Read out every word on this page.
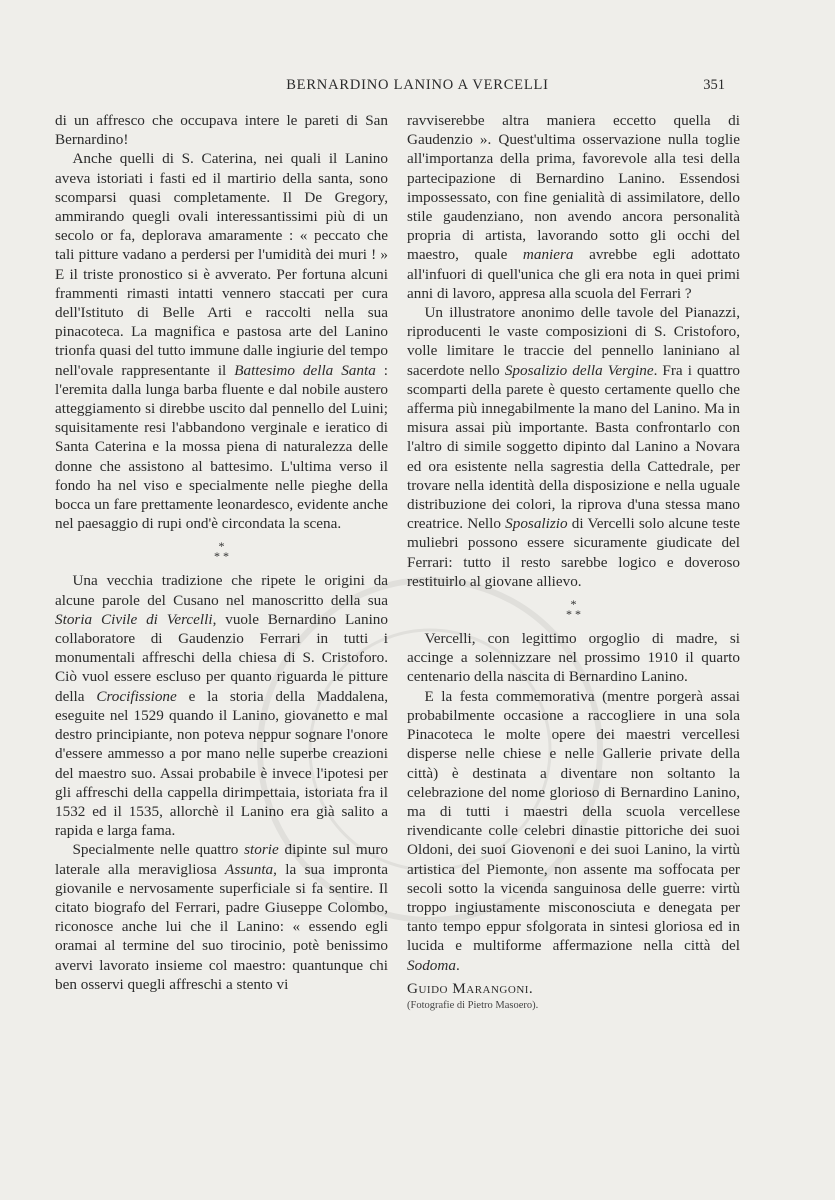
BERNARDINO LANINO A VERCELLI	351

di un affresco che occupava intere le pareti di San Bernardino!

Anche quelli di S. Caterina, nei quali il Lanino aveva istoriati i fasti ed il martirio della santa, sono scomparsi quasi completamente. Il De Gregory, ammirando quegli ovali interessantissimi più di un secolo or fa, deplorava amaramente : « peccato che tali pitture vadano a perdersi per l'umidità dei muri ! » E il triste pronostico si è avverato. Per fortuna alcuni frammenti rimasti intatti vennero staccati per cura dell'Istituto di Belle Arti e raccolti nella sua pinacoteca. La magnifica e pastosa arte del Lanino trionfa quasi del tutto immune dalle ingiurie del tempo nell'ovale rappresentante il Battesimo della Santa : l'eremita dalla lunga barba fluente e dal nobile austero atteggiamento si direbbe uscito dal pennello del Luini; squisitamente resi l'abbandono verginale e ieratico di Santa Caterina e la mossa piena di naturalezza delle donne che assistono al battesimo. L'ultima verso il fondo ha nel viso e specialmente nelle pieghe della bocca un fare prettamente leonardesco, evidente anche nel paesaggio di rupi ond'è circondata la scena.

*
* *

Una vecchia tradizione che ripete le origini da alcune parole del Cusano nel manoscritto della sua Storia Civile di Vercelli, vuole Bernardino Lanino collaboratore di Gaudenzio Ferrari in tutti i monumentali affreschi della chiesa di S. Cristoforo. Ciò vuol essere escluso per quanto riguarda le pitture della Crocifissione e la storia della Maddalena, eseguite nel 1529 quando il Lanino, giovanetto e mal destro principiante, non poteva neppur sognare l'onore d'essere ammesso a por mano nelle superbe creazioni del maestro suo. Assai probabile è invece l'ipotesi per gli affreschi della cappella dirimpettaia, istoriata fra il 1532 ed il 1535, allorchè il Lanino era già salito a rapida e larga fama.

Specialmente nelle quattro storie dipinte sul muro laterale alla meravigliosa Assunta, la sua impronta giovanile e nervosamente superficiale si fa sentire. Il citato biografo del Ferrari, padre Giuseppe Colombo, riconosce anche lui che il Lanino: « essendo egli oramai al termine del suo tirocinio, potè benissimo avervi lavorato insieme col maestro: quantunque chi ben osservi quegli affreschi a stento vi

ravviserebbe altra maniera eccetto quella di Gaudenzio ». Quest'ultima osservazione nulla toglie all'importanza della prima, favorevole alla tesi della partecipazione di Bernardino Lanino. Essendosi impossessato, con fine genialità di assimilatore, dello stile gaudenziano, non avendo ancora personalità propria di artista, lavorando sotto gli occhi del maestro, quale maniera avrebbe egli adottato all'infuori di quell'unica che gli era nota in quei primi anni di lavoro, appresa alla scuola del Ferrari ?

Un illustratore anonimo delle tavole del Pianazzi, riproducenti le vaste composizioni di S. Cristoforo, volle limitare le traccie del pennello laniniano al sacerdote nello Sposalizio della Vergine. Fra i quattro scomparti della parete è questo certamente quello che afferma più innegabilmente la mano del Lanino. Ma in misura assai più importante. Basta confrontarlo con l'altro di simile soggetto dipinto dal Lanino a Novara ed ora esistente nella sagrestia della Cattedrale, per trovare nella identità della disposizione e nella uguale distribuzione dei colori, la riprova d'una stessa mano creatrice. Nello Sposalizio di Vercelli solo alcune teste muliebri possono essere sicuramente giudicate del Ferrari: tutto il resto sarebbe logico e doveroso restituirlo al giovane allievo.

*
* *

Vercelli, con legittimo orgoglio di madre, si accinge a solennizzare nel prossimo 1910 il quarto centenario della nascita di Bernardino Lanino.

E la festa commemorativa (mentre porgerà assai probabilmente occasione a raccogliere in una sola Pinacoteca le molte opere dei maestri vercellesi disperse nelle chiese e nelle Gallerie private della città) è destinata a diventare non soltanto la celebrazione del nome glorioso di Bernardino Lanino, ma di tutti i maestri della scuola vercellese rivendicante colle celebri dinastie pittoriche dei suoi Oldoni, dei suoi Giovenoni e dei suoi Lanino, la virtù artistica del Piemonte, non assente ma soffocata per secoli sotto la vicenda sanguinosa delle guerre: virtù troppo ingiustamente misconosciuta e denegata per tanto tempo eppur sfolgorata in sintesi gloriosa ed in lucida e multiforme affermazione nella città del Sodoma.

Guido Marangoni.

(Fotografie di Pietro Masoero).
